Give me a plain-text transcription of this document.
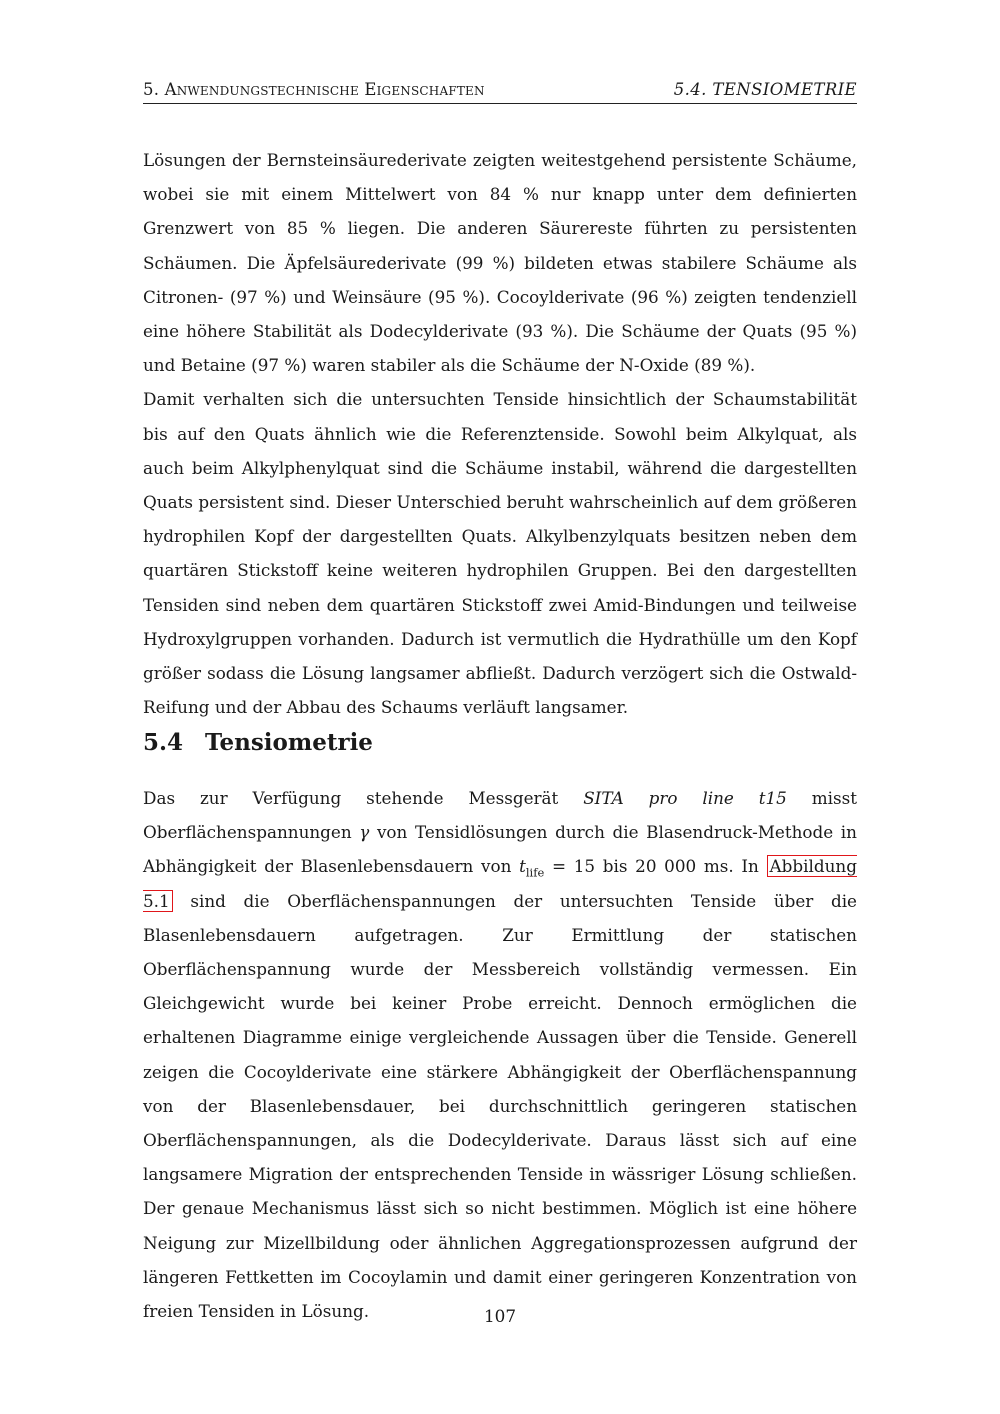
5. Anwendungstechnische Eigenschaften	5.4. TENSIOMETRIE

Lösungen der Bernsteinsäurederivate zeigten weitestgehend persistente Schäume, wobei sie mit einem Mittelwert von 84 % nur knapp unter dem definierten Grenzwert von 85 % liegen. Die anderen Säurereste führten zu persistenten Schäumen. Die Äpfelsäurederivate (99 %) bildeten etwas stabilere Schäume als Citronen- (97 %) und Weinsäure (95 %). Cocoylderivate (96 %) zeigten tendenziell eine höhere Stabilität als Dodecylderivate (93 %). Die Schäume der Quats (95 %) und Betaine (97 %) waren stabiler als die Schäume der N-Oxide (89 %).

Damit verhalten sich die untersuchten Tenside hinsichtlich der Schaumstabilität bis auf den Quats ähnlich wie die Referenztenside. Sowohl beim Alkylquat, als auch beim Alkylphenylquat sind die Schäume instabil, während die dargestellten Quats persistent sind. Dieser Unterschied beruht wahrscheinlich auf dem größeren hydrophilen Kopf der dargestellten Quats. Alkylbenzylquats besitzen neben dem quartären Stickstoff keine weiteren hydrophilen Gruppen. Bei den dargestellten Tensiden sind neben dem quartären Stickstoff zwei Amid-Bindungen und teilweise Hydroxylgruppen vorhanden. Dadurch ist vermutlich die Hydrathülle um den Kopf größer sodass die Lösung langsamer abfließt. Dadurch verzögert sich die Ostwald-Reifung und der Abbau des Schaums verläuft langsamer.

5.4 Tensiometrie

Das zur Verfügung stehende Messgerät SITA pro line t15 misst Oberflächenspannungen γ von Tensidlösungen durch die Blasendruck-Methode in Abhängigkeit der Blasenlebensdauern von $t_{life} = 15$ bis 20 000 ms. In Abbildung 5.1 sind die Oberflächenspannungen der untersuchten Tenside über die Blasenlebensdauern aufgetragen. Zur Ermittlung der statischen Oberflächenspannung wurde der Messbereich vollständig vermessen. Ein Gleichgewicht wurde bei keiner Probe erreicht. Dennoch ermöglichen die erhaltenen Diagramme einige vergleichende Aussagen über die Tenside. Generell zeigen die Cocoylderivate eine stärkere Abhängigkeit der Oberflächenspannung von der Blasenlebensdauer, bei durchschnittlich geringeren statischen Oberflächenspannungen, als die Dodecylderivate. Daraus lässt sich auf eine langsamere Migration der entsprechenden Tenside in wässriger Lösung schließen. Der genaue Mechanismus lässt sich so nicht bestimmen. Möglich ist eine höhere Neigung zur Mizellbildung oder ähnlichen Aggregationsprozessen aufgrund der längeren Fettketten im Cocoylamin und damit einer geringeren Konzentration von freien Tensiden in Lösung.	107
